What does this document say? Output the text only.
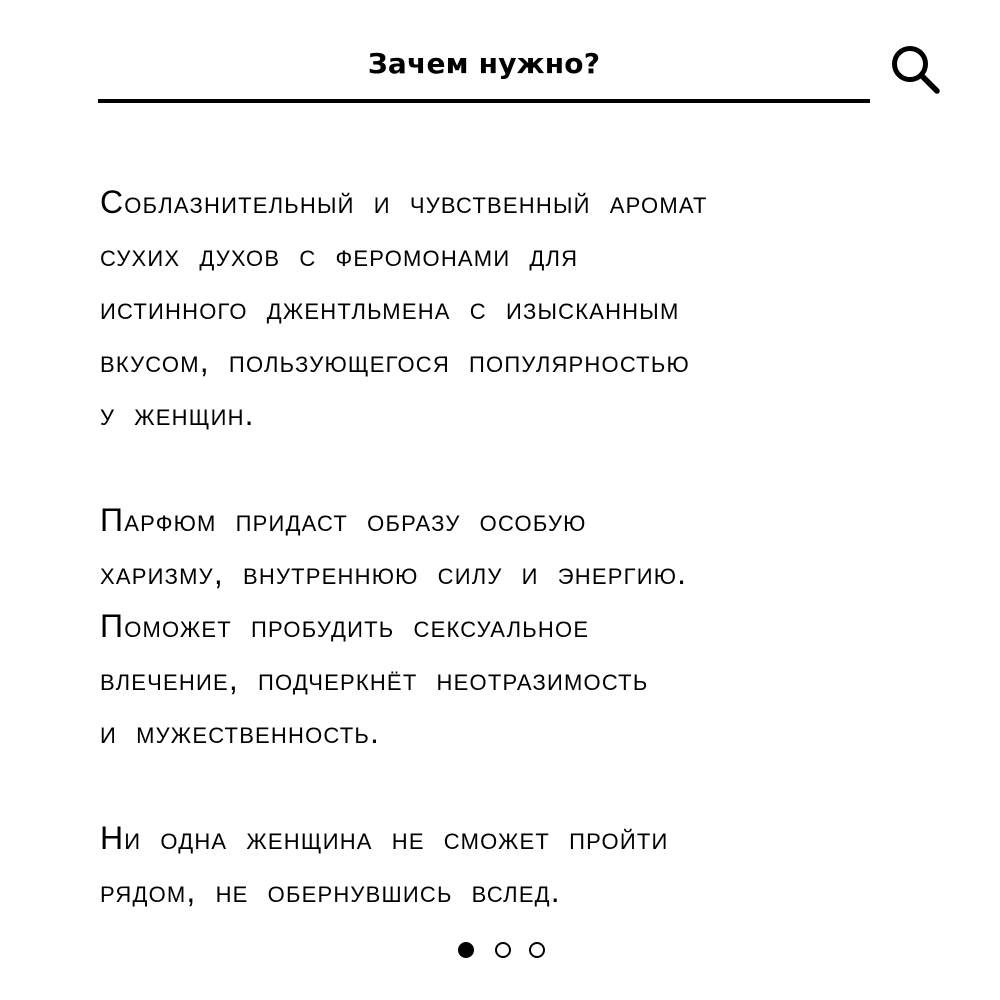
Зачем нужно?

Соблазнительный и чувственный аромат
сухих духов с феромонами для
истинного джентльмена с изысканным
вкусом, пользующегося популярностью
у женщин.

Парфюм придаст образу особую
харизму, внутреннюю силу и энергию.
Поможет пробудить сексуальное
влечение, подчеркнёт неотразимость
и мужественность.

Ни одна женщина не сможет пройти
рядом, не обернувшись вслед.
